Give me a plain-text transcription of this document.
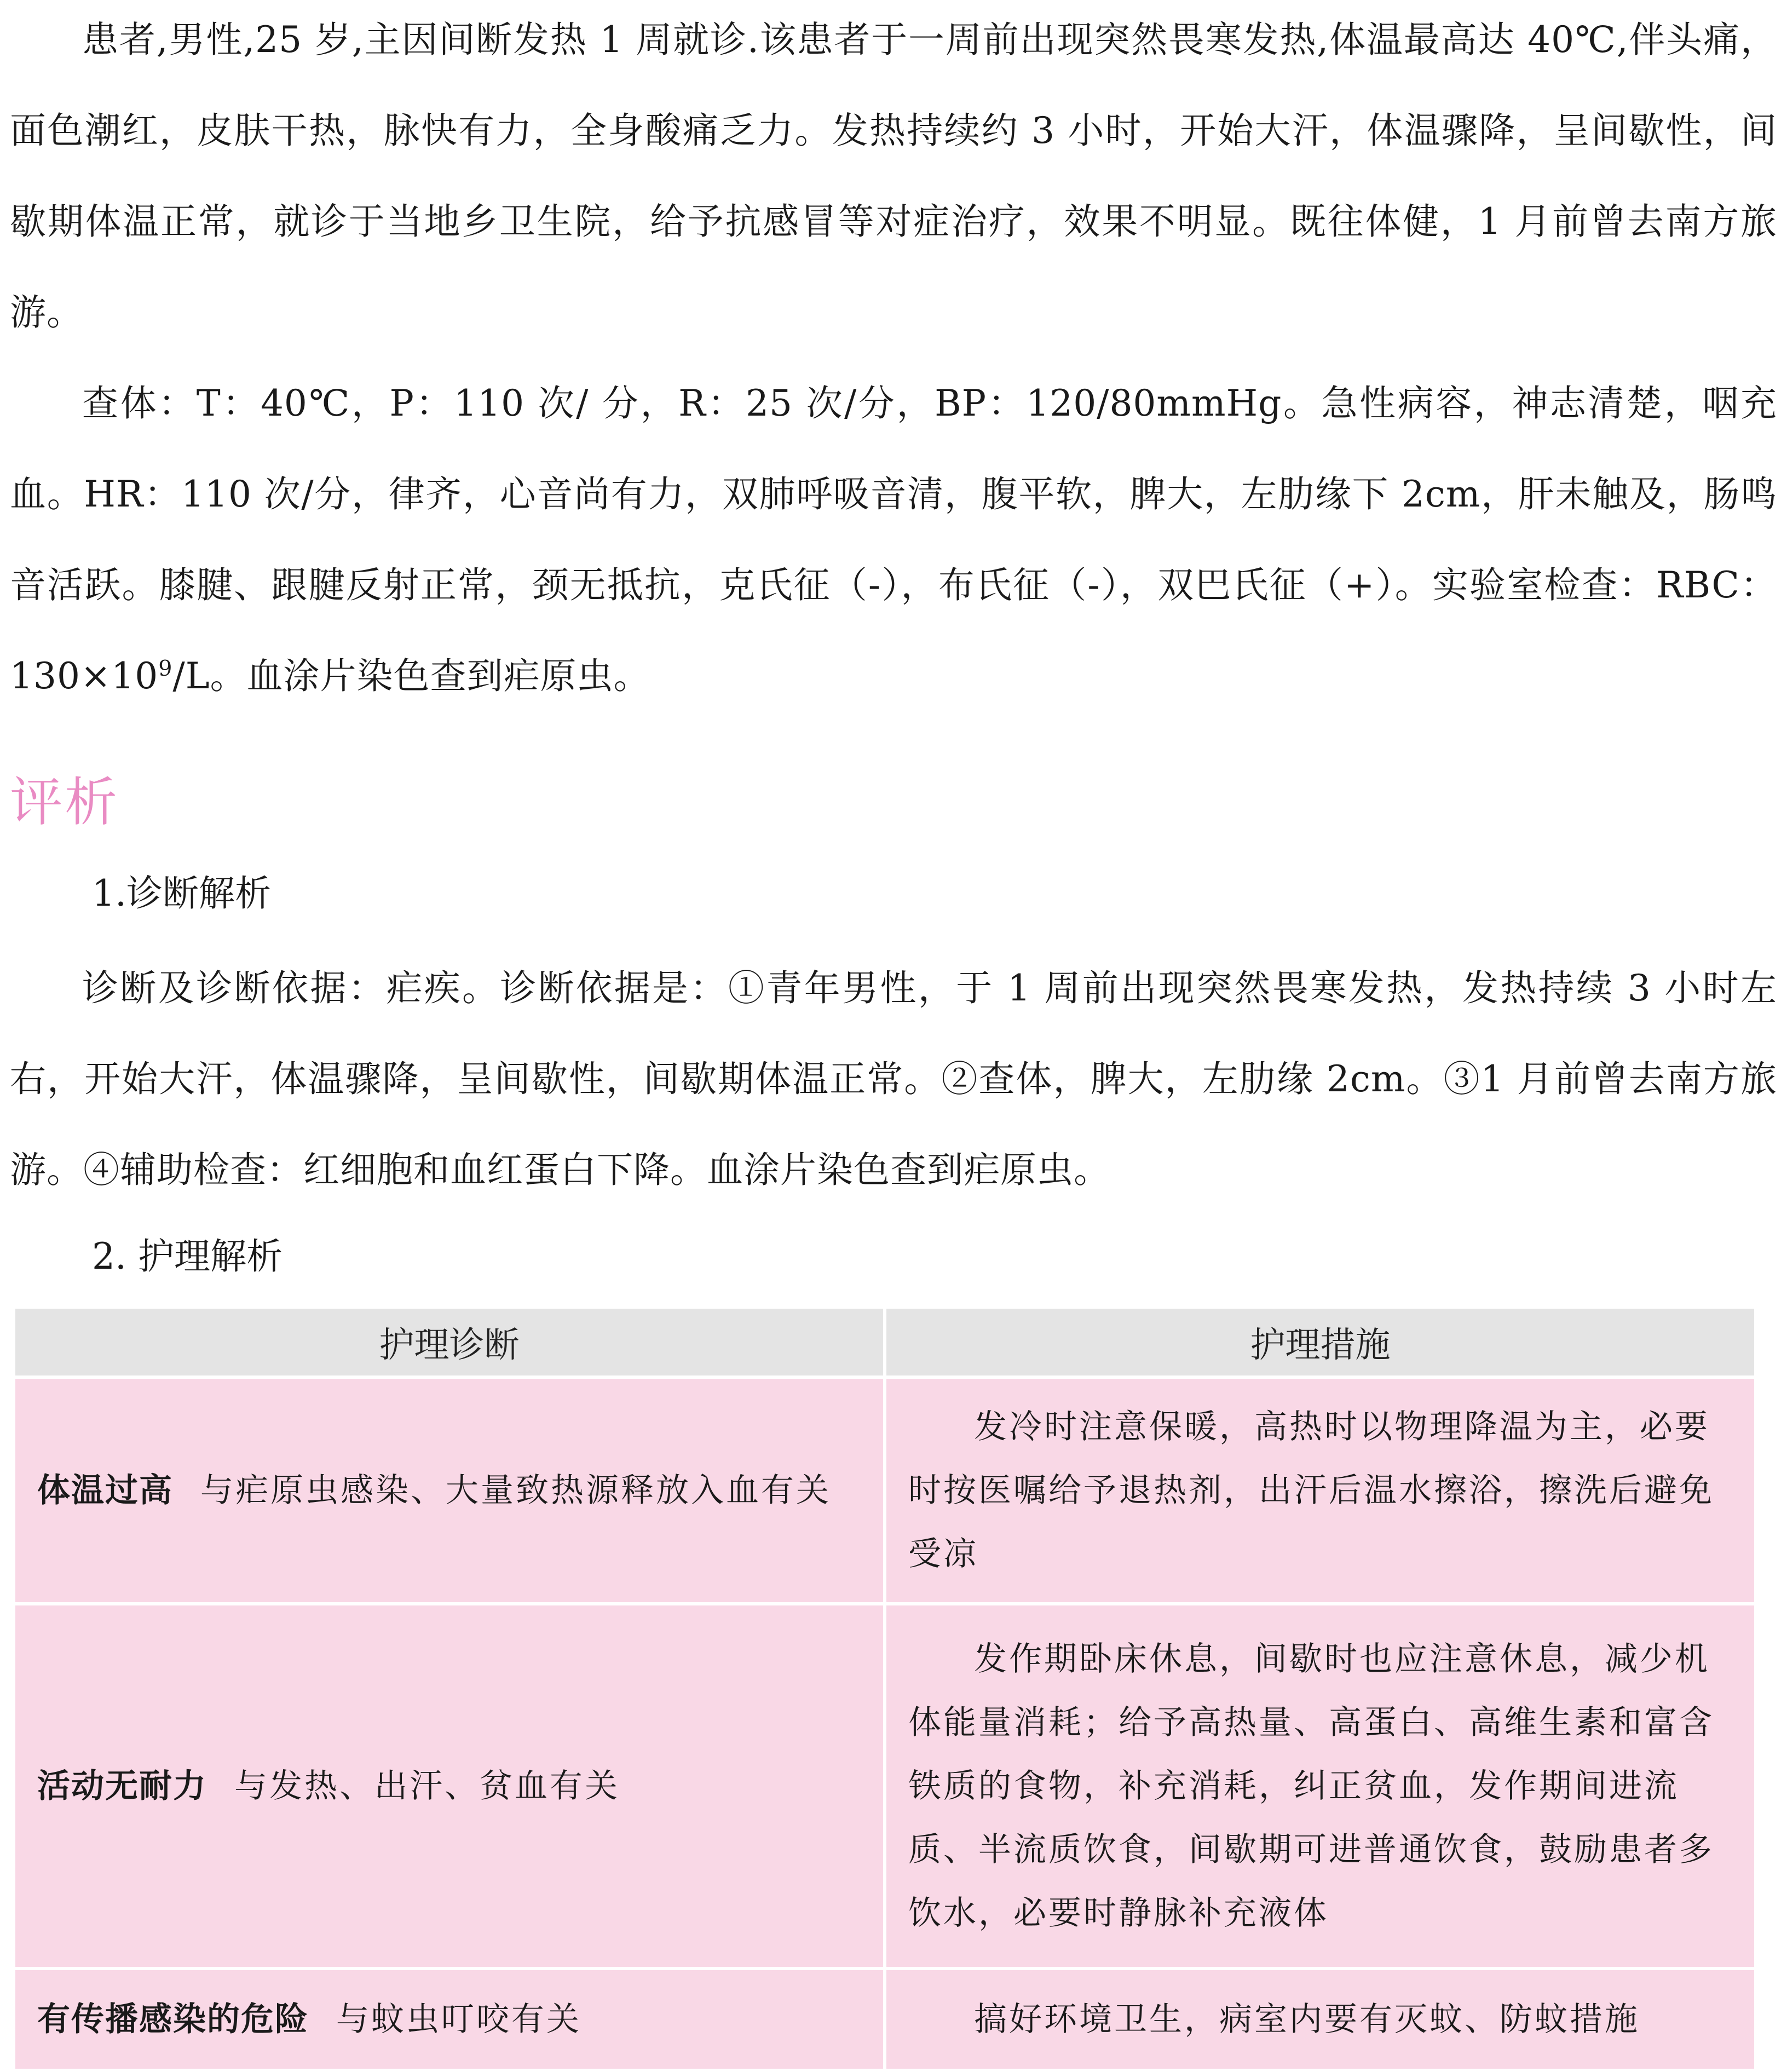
患者,男性,25 岁,主因间断发热 1 周就诊.该患者于一周前出现突然畏寒发热,体温最高达 40℃,伴头痛，面色潮红，皮肤干热，脉快有力，全身酸痛乏力。发热持续约 3 小时，开始大汗，体温骤降，呈间歇性，间歇期体温正常，就诊于当地乡卫生院，给予抗感冒等对症治疗，效果不明显。既往体健，1 月前曾去南方旅游。

查体：T：40℃，P：110 次/ 分，R：25 次/分，BP：120/80mmHg。急性病容，神志清楚，咽充血。HR：110 次/分，律齐，心音尚有力，双肺呼吸音清，腹平软，脾大，左肋缘下 2cm，肝未触及，肠鸣音活跃。膝腱、跟腱反射正常，颈无抵抗，克氏征（-），布氏征（-），双巴氏征（+）。实验室检查：RBC：$130\times 10^9/L$。血涂片染色查到疟原虫。

评析
1.诊断解析

诊断及诊断依据：疟疾。诊断依据是：①青年男性，于 1 周前出现突然畏寒发热，发热持续 3 小时左右，开始大汗，体温骤降，呈间歇性，间歇期体温正常。②查体，脾大，左肋缘 2cm。③1 月前曾去南方旅游。④辅助检查：红细胞和血红蛋白下降。血涂片染色查到疟原虫。

2. 护理解析
护理诊断	护理措施
体温过高 与疟原虫感染、大量致热源释放入血有关	发冷时注意保暖，高热时以物理降温为主，必要时按医嘱给予退热剂，出汗后温水擦浴，擦洗后避免受凉
活动无耐力 与发热、出汗、贫血有关	发作期卧床休息，间歇时也应注意休息，减少机体能量消耗；给予高热量、高蛋白、高维生素和富含铁质的食物，补充消耗，纠正贫血，发作期间进流质、半流质饮食，间歇期可进普通饮食，鼓励患者多饮水，必要时静脉补充液体
有传播感染的危险 与蚊虫叮咬有关	搞好环境卫生，病室内要有灭蚊、防蚊措施
